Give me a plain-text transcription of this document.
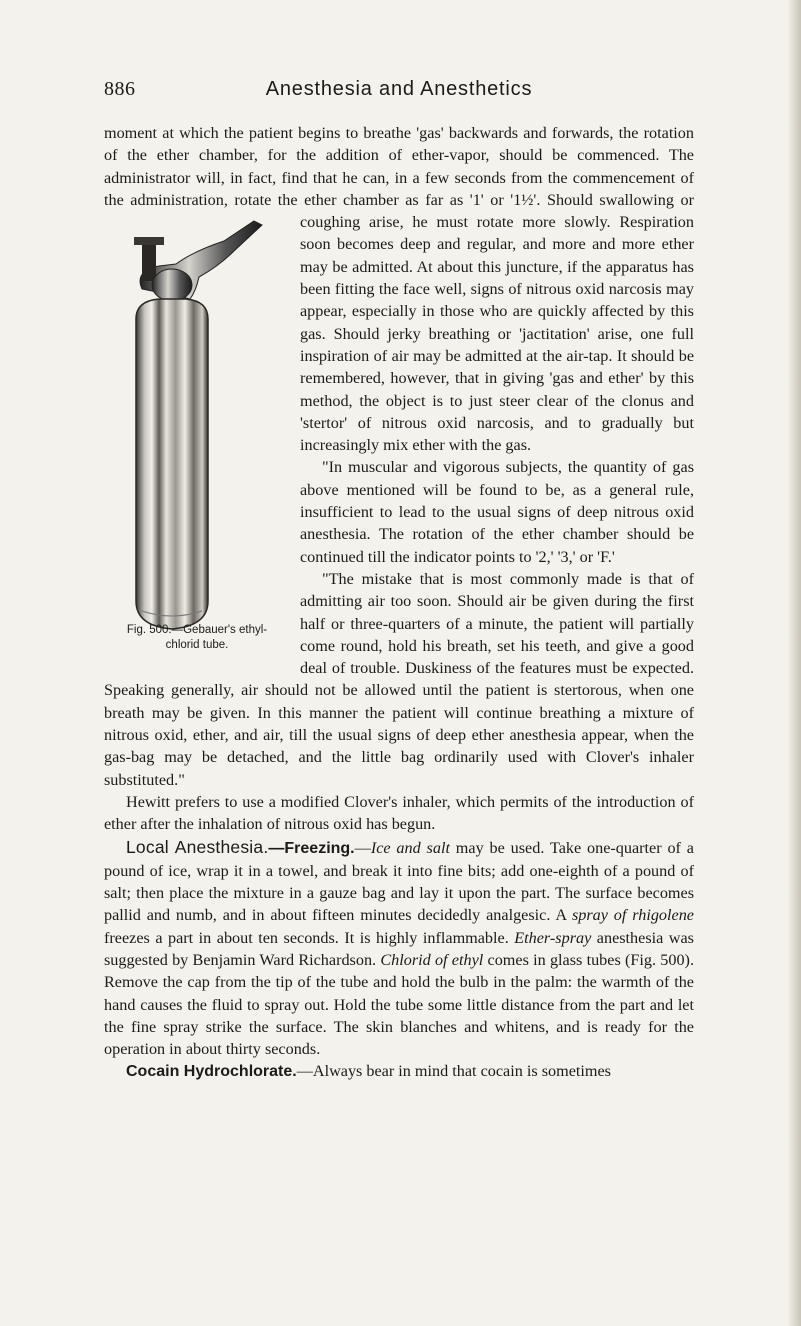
886	Anesthesia and Anesthetics

moment at which the patient begins to breathe 'gas' backwards and forwards, the rotation of the ether chamber, for the addition of ether-vapor, should be commenced. The administrator will, in fact, find that he can, in a few seconds from the commencement of the administration, rotate the ether chamber as far as '1' or '1½'.
Fig. 500.—Gebauer's ethyl-
chlorid tube.
Should swallowing or coughing arise, he must rotate more slowly. Respiration soon becomes deep and regular, and more and more ether may be admitted. At about this juncture, if the apparatus has been fitting the face well, signs of nitrous oxid narcosis may appear, especially in those who are quickly affected by this gas. Should jerky breathing or 'jactitation' arise, one full inspiration of air may be admitted at the air-tap. It should be remembered, however, that in giving 'gas and ether' by this method, the object is to just steer clear of the clonus and 'stertor' of nitrous oxid narcosis, and to gradually but increasingly mix ether with the gas.

"In muscular and vigorous subjects, the quantity of gas above mentioned will be found to be, as a general rule, insufficient to lead to the usual signs of deep nitrous oxid anesthesia. The rotation of the ether chamber should be continued till the indicator points to '2,' '3,' or 'F.'

"The mistake that is most commonly made is that of admitting air too soon. Should air be given during the first half or three-quarters of a minute, the patient will partially come round, hold his breath, set his teeth, and give a good deal of trouble. Duskiness of the features must be expected. Speaking generally, air should not be allowed until the patient is stertorous, when one breath may be given. In this manner the patient will continue breathing a mixture of nitrous oxid, ether, and air, till the usual signs of deep ether anesthesia appear, when the gas-bag may be detached, and the little bag ordinarily used with Clover's inhaler substituted."

Hewitt prefers to use a modified Clover's inhaler, which permits of the introduction of ether after the inhalation of nitrous oxid has begun.

Local Anesthesia.—Freezing.—Ice and salt may be used. Take one-quarter of a pound of ice, wrap it in a towel, and break it into fine bits; add one-eighth of a pound of salt; then place the mixture in a gauze bag and lay it upon the part. The surface becomes pallid and numb, and in about fifteen minutes decidedly analgesic. A spray of rhigolene freezes a part in about ten seconds. It is highly inflammable. Ether-spray anesthesia was suggested by Benjamin Ward Richardson. Chlorid of ethyl comes in glass tubes (Fig. 500). Remove the cap from the tip of the tube and hold the bulb in the palm: the warmth of the hand causes the fluid to spray out. Hold the tube some little distance from the part and let the fine spray strike the surface. The skin blanches and whitens, and is ready for the operation in about thirty seconds.

Cocain Hydrochlorate.—Always bear in mind that cocain is sometimes
